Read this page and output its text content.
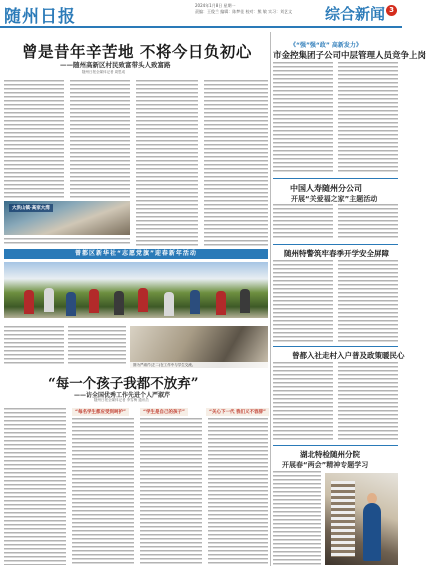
随州日报
2024年1月8日 星期一
责编：王俊兰 编辑：陈梦佳 校对：熊 敏 实习：刘艺文 综合新闻 3
曾是昔年辛苦地 不将今日负初心
——随州高新区村民致富带头人致富路
随州日报全媒体记者 周思成
大洪山镇·高家大湾
曾都区新华社“志愿党旗”迎春新年活动
《“强”强“政” 高新发力》
市金控集团子公司中层管理人员竞争上岗
中国人寿随州分公司
开展“关爱福之家”主题活动
随州特警筑牢春季开学安全屏障
曾都入社走村入户普及政策暖民心
湖北特检随州分院
开展春“两会”精神专题学习
图为严淑芹(左二)在工作中与学生交流。
“每一个孩子我都不放弃”
——访全国优秀工作先进个人严淑芹
随州日报全媒体记者 李雪梅 通讯员
“每名学生都应受到呵护”	“学生是自己的孩子”	“关心下一代 我们义不容辞”
